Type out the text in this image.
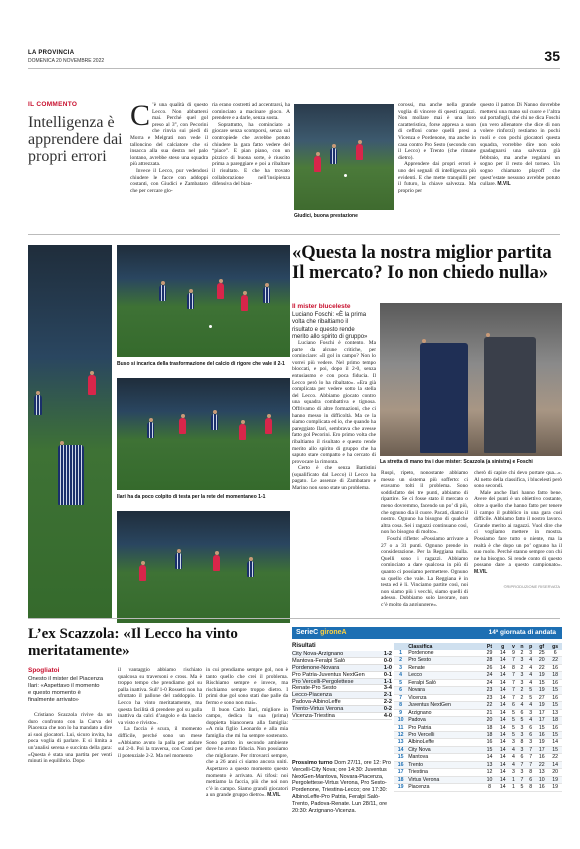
LA PROVINCIA
DOMENICA 20 NOVEMBRE 2022	35
IL COMMENTO
Intelligenza è apprendere dai propri errori
C ’è una qualità di questo Lecco. Non abbattersi mai. Perché quel gol preso al 3°, con Pecorini che rinvia sui piedi di Morra e Melgrati non vede il talloncino del calciatore che si insacca alla sua destra nel palo lontano, avrebbe steso una squadra più attrezzata.
Invece il Lecco, pur vedendosi chiudere le facce con addoppi costanti, con Giudici e Zambataro che per cercare glo-
ria erano costretti ad accentrarsi, ha cominciato a macinare gioco. A prendere e a darle, senza sosta.
Soprattutto, ha cominciato a giocare senza scomporsi, senza sul contropiede che avrebbe potuto chiudere la gara fatto vedere del “piace”. E pian piano, con un pizzico di buona sorte, è riuscito prima a pareggiare e poi a ribaltare il risultato. E che ha trovato collaborazione nell’insipienza difensiva del bian-
Giudici, buona prestazione
corossi, ma anche nella grande voglia di vincere di questi ragazzi. Non mollare mai è una loro caratteristica, forse appresa a suon di ceffoni come quelli presi a Vicenza e Pordenone, ma anche in casa contro Pro Sesto (secondo con il Lecco) e Trento (che rimane dietro).
Apprendere dai propri errori è uno dei segnali di intelligenza più evidenti. E che mette tranquilli per il futuro, la chiave salvezza. Ma proprio per
questo il patron Di Nanno dovrebbe mettersi una mano sul cuore e l’altra sul portafogli, ché chi ne dica Foschi (un vero allenatore che dice di non volere rinforzi) restiamo in pochi ruoli e con pochi giocatori questa squadra, vorrebbe dire non solo guadagnarsi una salvezza già febbraio, ma anche regalarsi un sogno per il resto del torneo. Un sogno chiamato playoff che quest’estate nessuno avrebbe potuto cullare. M.VIL
Buso si incarica della trasformazione del calcio di rigore che vale il 2-1
Ilari ha da poco colpito di testa per la rete del momentaneo 1-1
«Questa la nostra miglior partita Il mercato? Io non chiedo nulla»
Il mister bluceleste
Luciano Foschi: «È la prima volta che ribaltiamo il risultato e questo rende merito allo spirito di gruppo»
La stretta di mano tra i due mister: Scazzola (a sinistra) e Foschi
Luciano Foschi è contento. Ma parte da alcune critiche, per cominciare: «Il gol in campo? Non lo vorrei più vedere. Nel primo tempo bloccati, e poi, dopo il 2-0, senza entusiasmo e con poca fiducia. Il Lecco però lo ha ribaltato». «Era già complicata per vedere sotto la stella del Lecco. Abbiamo giocato contro una squadra combattiva e tignosa. Offrivamo di altre formazioni, che ci hanno messo in difficoltà. Ma ce la siamo complicata ed io, che quando ha pareggiato Ilari, sembrava che avesse fatto gol Pecorini. Ero primo volta che ribaltiamo il risultato e questo rende merito allo spirito di gruppo che ha saputo stare compatto e ha cercato di provocare la rimonta.
Certo è che senza Battistini (squalificato dal Lecco) il Lecco ha pagato. Le assenze di Zambataro e Marino non sono state un problema.
Ruspi, ripeto, nonostante abbiamo messo un sistema più sofferto: ci eravamo tolti il problema. Sono soddisfatto dei tre punti, abbiamo di ripartire. Se ci fosse stato il mercato o meno dovremmo, facendo un po’ di più, che ognuno dia il cuore. Pacati, diamo il nostro. Ognuno ha bisogno di qualche altra cosa. Sei i ragazzi continuano così, non ho bisogno di molto».
Foschi riflette: «Possiamo arrivare a 27 o a 31 punti. Ognuno prende in considerazione. Per la Reggiana nulla. Quelli sono i ragazzi. Abbiamo cominciato a dare qualcosa in più di quanto ci possiamo permettere. Ognuno sa quello che vale. La Reggiana è in testa ed è lì. Vinciamo partite così, noi non siamo più i vecchi, siamo quelli di adesso. Dobbiamo solo lavorare, non c’è molto da aggiungere».
cherò di capire chi devo portare qua...». Al netto della classifica, i blucelesti però sono secondi.
Male anche Ilari hanno fatto bene. Avere dei punti è un obiettivo costante, oltre a quello che hanno fatto per tenere il campo il pubblico in una gara così difficile. Abbiamo fatto il nostro lavoro. Grande merito ai ragazzi. Vuol dire che ci vogliamo mettere in mostra. Possiamo fare tutto o niente, ma la realtà è che dopo un po’ ognuno ha il suo ruolo. Perché stanno sempre con chi ne ha bisogno. Si rende conto di questo possano dare a questo campionato». M.VIL
©RIPRODUZIONE RISERVATA
L’ex Scazzola: «Il Lecco ha vinto meritatamente»
Spogliatoi
Onesto il mister del Piacenza Ilari: «Aspettavo il momento e questo momento è finalmente arrivato»
Cristiano Scazzola rivive da un duro confronto con la Curva del Piacenza che non lo ha mandato a dire ai suoi giocatori. Lui, sicuro invita, ha poca voglia di parlare. E si limita a un’analisi serena e succinta della gara: «Questa è stata una partita per venti minuti in equilibrio. Dopo
il vantaggio abbiamo rischiato qualcosa su traversoni e cross. Ma è troppo tempo che prendiamo gol su palla inattiva. Sull’1-0 Rossetti non ha sfruttato il pallone del raddoppio. Il Lecco ha vinto meritatamente, ma questa facilità di prendere gol su palla inattiva da calci d’angolo e da lancio va visto e rivisto».
La faccia è scura, il momento difficile, perché sono un mese «Abbiamo avuto la palla per andare sul 2-0. Poi la traversa, con Conti per il potenziale 2-2. Ma nel momento
in cui prendiamo sempre gol, non è tanto quello che crei il problema. Rischiamo sempre e invece, ma rischiamo sempre troppo dietro. I primi due gol sono stati due palle da fermo e sono non mai».
Il buon Carlo Ilari, migliore in campo, dedica la sua (prima) doppietta bianconera alla famiglia: «A mia figlio Leonardo e alla mia famiglia che mi ha sempre sostenuto. Sono partito in secondo ambiente dove ho avuto fiducia. Non possiamo che migliorare. Per ritrovarci sempre, che a 26 anni ci siamo ancora uniti. Aspettavo a questo momento questo momento è arrivato. Ai tifosi: noi mettiamo la faccia, più che noi non c’è in campo. Siamo grandi giocatori a un grande gruppo dietro». M.VIL
SerieC gironeA	14ª giornata di andata
Risultati
City Nova-Arzignano	1-2
Mantova-Feralpi Salò	0-0
Pordenone-Novara	1-0
Pro Patria-Juventus NextGen	0-1
Pro Vercelli-Pergolettese	1-1
Renate-Pro Sesto	3-4
Lecco-Piacenza	2-1
Padova-AlbinoLeffe	2-2
Trento-Virtus Verona	0-2
Vicenza-Triestina	4-0
Prossimo turno Dom 27/11, ore 12: Pro Vercelli-City Nova; ore 14:30: Juventus NextGen-Mantova, Novara-Piacenza, Pergolettese-Virtus Verona, Pro Sesto-Pordenone, Triestina-Lecco; ore 17:30: AlbinoLeffe-Pro Patria, Feralpi Salò-Trento, Padova-Renate. Lun 28/11, ore 20:30: Arzignano-Vicenza.
	Classifica	Pt	g	v	n	p	gf	gs
1	Pordenone	29	14	9	2	3	25	6
2	Pro Sesto	28	14	7	3	4	20	22
3	Renate	26	14	8	2	4	22	16
4	Lecco	24	14	7	3	4	19	18
5	Feralpi Salò	24	14	7	3	4	15	16
6	Novara	23	14	7	2	5	19	15
7	Vicenza	23	14	7	2	5	27	16
8	Juventus NextGen	22	14	6	4	4	19	15
9	Arzignano	21	14	5	6	3	17	13
10	Padova	20	14	5	5	4	17	18
11	Pro Patria	18	14	5	3	6	15	16
12	Pro Vercelli	18	14	5	3	6	16	15
13	AlbinoLeffe	16	14	3	8	3	19	14
14	City Nova	15	14	4	3	7	17	15
15	Mantova	14	14	4	6	7	16	22
16	Trento	13	14	4	7	7	22	14
17	Triestina	12	14	3	3	8	13	20
18	Virtus Verona	10	14	1	7	6	10	19
19	Piacenza	8	14	1	5	8	16	19
